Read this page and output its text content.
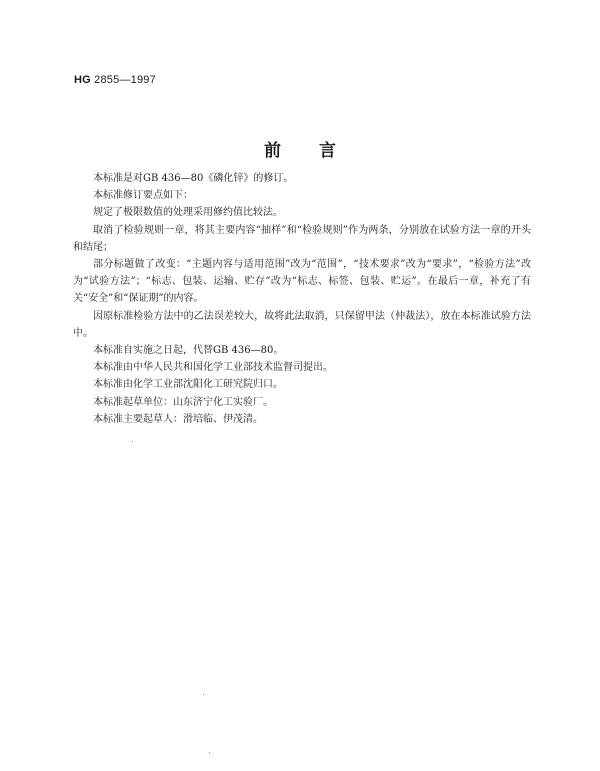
HG 2855—1997
前言

本标准是对GB 436—80《磷化锌》的修订。

本标准修订要点如下：

规定了极限数值的处理采用修约值比较法。

取消了检验规则一章，将其主要内容“抽样”和“检验规则”作为两条，分别放在试验方法一章的开头和结尾；

部分标题做了改变：“主题内容与适用范围”改为“范围”，“技术要求”改为“要求”，“检验方法”改为“试验方法”；“标志、包装、运输、贮存”改为“标志、标签、包装、贮运”。在最后一章，补充了有关“安全”和“保证期”的内容。

因原标准检验方法中的乙法误差较大，故将此法取消，只保留甲法（仲裁法），放在本标准试验方法中。

本标准自实施之日起，代替GB 436—80。

本标准由中华人民共和国化学工业部技术监督司提出。

本标准由化学工业部沈阳化工研究院归口。

本标准起草单位：山东济宁化工实验厂。

本标准主要起草人：滑培临、伊茂清。
